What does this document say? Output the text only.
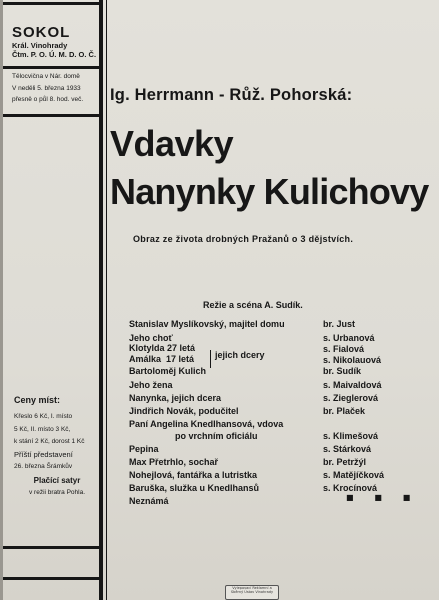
SOKOL
Král. Vinohrady
Čtm. P. O. Ú. M. D. O. Č.
Tělocvična v Nár. domě
V neděli 5. března 1933
přesně o půl 8. hod. več.
Ceny míst:
Křeslo 6 Kč, I. místo
5 Kč, II. místo 3 Kč,
k stání 2 Kč, dorost 1 Kč
Příští představení
26. března Šrámkův
Plačící satyr
v režii bratra Pohla.
Ig. Herrmann - Růž. Pohorská:
Vdavky
Nanynky Kulichovy
Obraz ze života drobných Pražanů o 3 dějstvích.
Režie a scéna A. Sudík.
Stanislav Myslíkovský, majitel domu
Jeho choť
Klotylda 27 letá
Amálka  17 letá jejich dcery
Bartoloměj Kulich
Jeho žena
Nanynka, jejich dcera
Jindřich Novák, podučitel
Paní Angelina Knedlhansová, vdova
po vrchním oficiálu
Pepina
Max Přetrhlo, sochař
Nohejlová, fantářka a lutristka
Baruška, služka u Knedlhansů
Neznámá
br. Just
s. Urbanová
s. Fialová
s. Nikolauová
br. Sudík
s. Maivaldová
s. Zieglerová
br. Plaček
s. Klimešová
s. Stárková
br. Petržýl
s. Matějíčková
s. Krocínová
■ ■ ■
Vylepovací Reklamní a Sběrný Ústav Vinohrady
